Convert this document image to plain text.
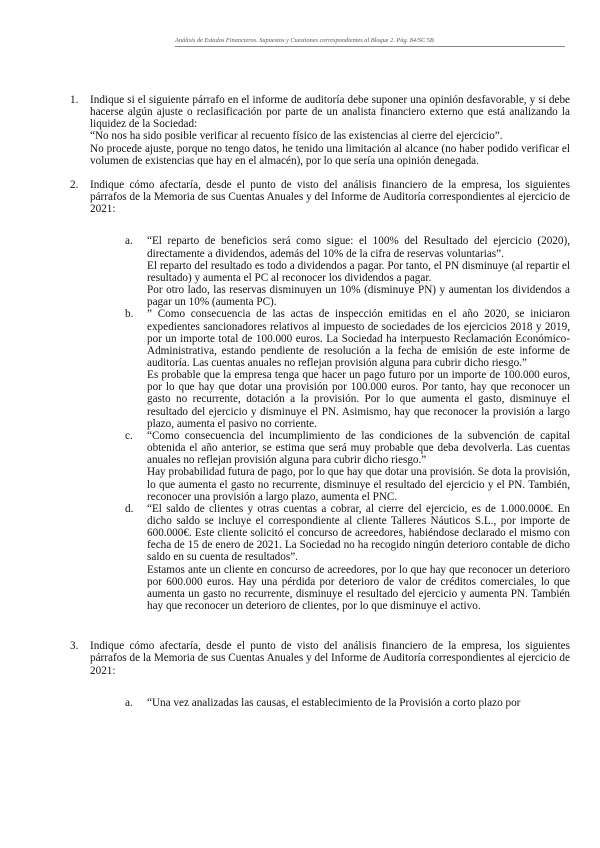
Análisis de Estados Financieros. Supuestos y Cuestiones correspondientes al Bloque 2. Pág. 84/SC 5B
1.	Indique si el siguiente párrafo en el informe de auditoría debe suponer una opinión desfavorable, y si debe hacerse algún ajuste o reclasificación por parte de un analista financiero externo que está analizando la liquidez de la Sociedad:

“No nos ha sido posible verificar al recuento físico de las existencias al cierre del ejercicio”.

No procede ajuste, porque no tengo datos, he tenido una limitación al alcance (no haber podido verificar el volumen de existencias que hay en el almacén), por lo que sería una opinión denegada.

2.	Indique cómo afectaría, desde el punto de visto del análisis financiero de la empresa, los siguientes párrafos de la Memoria de sus Cuentas Anuales y del Informe de Auditoría correspondientes al ejercicio de 2021:

a.	“El reparto de beneficios será como sigue: el 100% del Resultado del ejercicio (2020), directamente a dividendos, además del 10% de la cifra de reservas voluntarias”.

El reparto del resultado es todo a dividendos a pagar. Por tanto, el PN disminuye (al repartir el resultado) y aumenta el PC al reconocer los dividendos a pagar.

Por otro lado, las reservas disminuyen un 10% (disminuye PN) y aumentan los dividendos a pagar un 10% (aumenta PC).

b.	” Como consecuencia de las actas de inspección emitidas en el año 2020, se iniciaron expedientes sancionadores relativos al impuesto de sociedades de los ejercicios 2018 y 2019, por un importe total de 100.000 euros. La Sociedad ha interpuesto Reclamación Económico-Administrativa, estando pendiente de resolución a la fecha de emisión de este informe de auditoría. Las cuentas anuales no reflejan provisión alguna para cubrir dicho riesgo.”

Es probable que la empresa tenga que hacer un pago futuro por un importe de 100.000 euros, por lo que hay que dotar una provisión por 100.000 euros. Por tanto, hay que reconocer un gasto no recurrente, dotación a la provisión. Por lo que aumenta el gasto, disminuye el resultado del ejercicio y disminuye el PN. Asimismo, hay que reconocer la provisión a largo plazo, aumenta el pasivo no corriente.

c.	“Como consecuencia del incumplimiento de las condiciones de la subvención de capital obtenida el año anterior, se estima que será muy probable que deba devolverla. Las cuentas anuales no reflejan provisión alguna para cubrir dicho riesgo.”

Hay probabilidad futura de pago, por lo que hay que dotar una provisión. Se dota la provisión, lo que aumenta el gasto no recurrente, disminuye el resultado del ejercicio y el PN. También, reconocer una provisión a largo plazo, aumenta el PNC.

d.	“El saldo de clientes y otras cuentas a cobrar, al cierre del ejercicio, es de 1.000.000€. En dicho saldo se incluye el correspondiente al cliente Talleres Náuticos S.L., por importe de 600.000€. Este cliente solicitó el concurso de acreedores, habiéndose declarado el mismo con fecha de 15 de enero de 2021. La Sociedad no ha recogido ningún deterioro contable de dicho saldo en su cuenta de resultados”.

Estamos ante un cliente en concurso de acreedores, por lo que hay que reconocer un deterioro por 600.000 euros. Hay una pérdida por deterioro de valor de créditos comerciales, lo que aumenta un gasto no recurrente, disminuye el resultado del ejercicio y aumenta PN. También hay que reconocer un deterioro de clientes, por lo que disminuye el activo.

3.	Indique cómo afectaría, desde el punto de visto del análisis financiero de la empresa, los siguientes párrafos de la Memoria de sus Cuentas Anuales y del Informe de Auditoría correspondientes al ejercicio de 2021:

a.	“Una vez analizadas las causas, el establecimiento de la Provisión a corto plazo por
